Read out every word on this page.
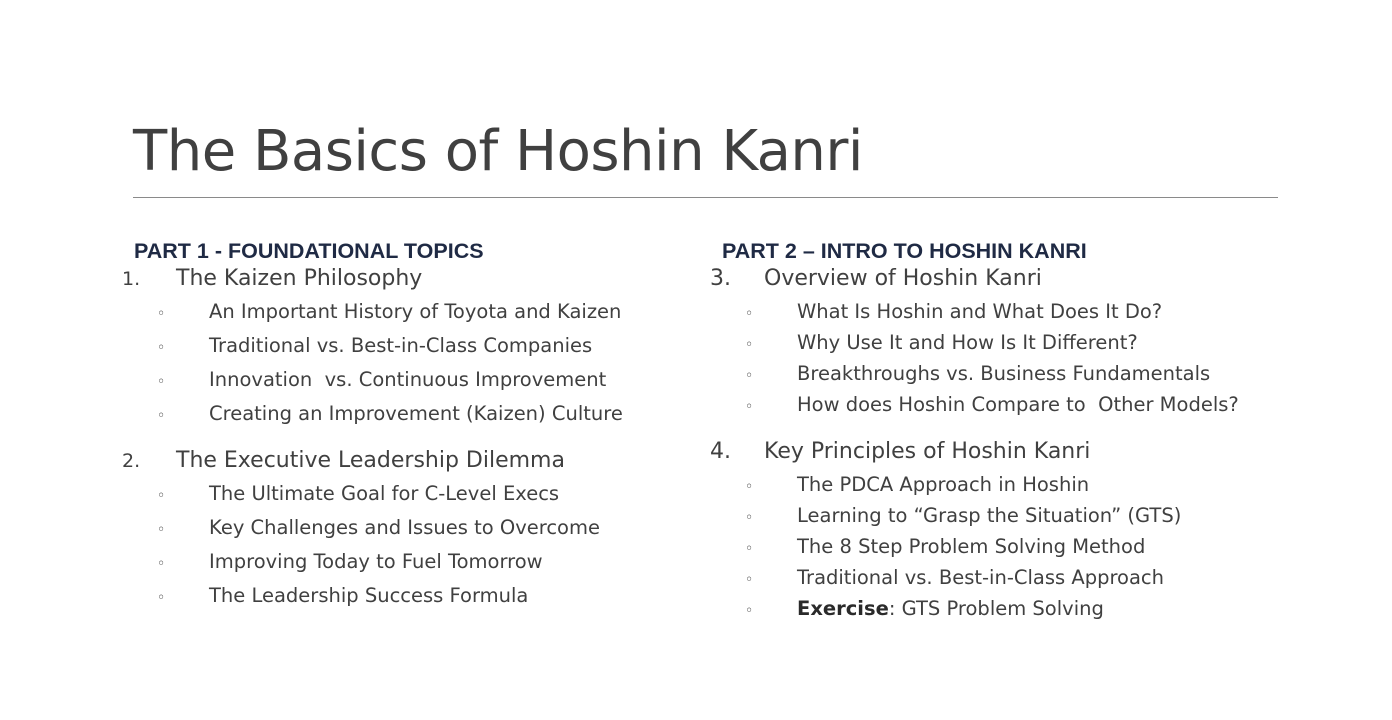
The Basics of Hoshin Kanri
PART 1 - FOUNDATIONAL TOPICS
1.	The Kaizen Philosophy
◦	An Important History of Toyota and Kaizen
◦	Traditional vs. Best-in-Class Companies
◦	Innovation  vs. Continuous Improvement
◦	Creating an Improvement (Kaizen) Culture
2.	The Executive Leadership Dilemma
◦	The Ultimate Goal for C-Level Execs
◦	Key Challenges and Issues to Overcome
◦	Improving Today to Fuel Tomorrow
◦	The Leadership Success Formula
PART 2 – INTRO TO HOSHIN KANRI
3.	Overview of Hoshin Kanri
◦	What Is Hoshin and What Does It Do?
◦	Why Use It and How Is It Different?
◦	Breakthroughs vs. Business Fundamentals
◦	How does Hoshin Compare to  Other Models?
4.	Key Principles of Hoshin Kanri
◦	The PDCA Approach in Hoshin
◦	Learning to “Grasp the Situation” (GTS)
◦	The 8 Step Problem Solving Method
◦	Traditional vs. Best-in-Class Approach
◦	Exercise: GTS Problem Solving
